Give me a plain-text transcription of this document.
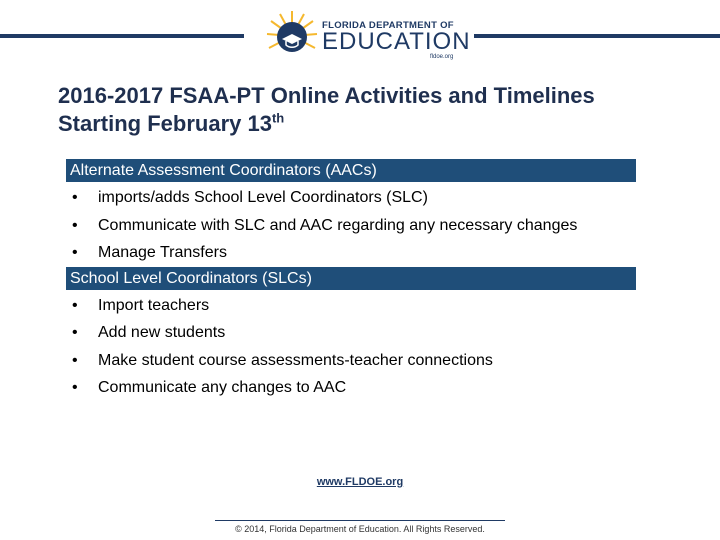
FLORIDA DEPARTMENT OF
EDUCATION
fldoe.org
2016-2017 FSAA-PT Online Activities and Timelines
Starting February 13th
Alternate Assessment Coordinators (AACs)
• imports/adds School Level Coordinators (SLC)
• Communicate with SLC and AAC regarding any necessary changes
• Manage Transfers
School Level Coordinators (SLCs)
• Import teachers
• Add new students
• Make student course assessments-teacher connections
• Communicate any changes to AAC
www.FLDOE.org
© 2014, Florida Department of Education. All Rights Reserved.
